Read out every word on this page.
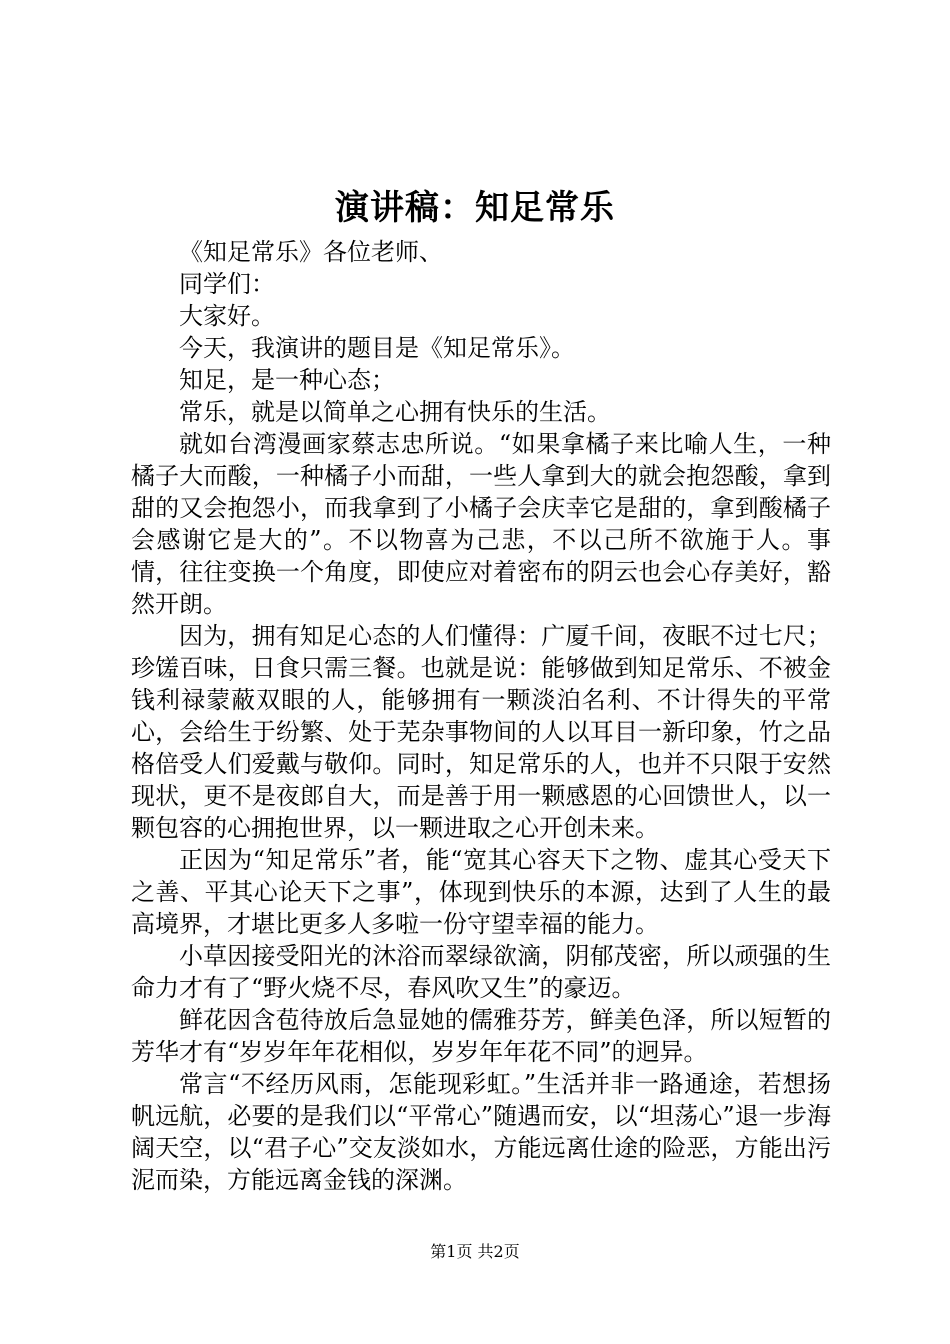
演讲稿：知足常乐

《知足常乐》各位老师、

同学们：

大家好。

今天，我演讲的题目是《知足常乐》。

知足，是一种心态；

常乐，就是以简单之心拥有快乐的生活。

就如台湾漫画家蔡志忠所说。“如果拿橘子来比喻人生，一种橘子大而酸，一种橘子小而甜，一些人拿到大的就会抱怨酸，拿到甜的又会抱怨小，而我拿到了小橘子会庆幸它是甜的，拿到酸橘子会感谢它是大的”。不以物喜为己悲，不以己所不欲施于人。事情，往往变换一个角度，即使应对着密布的阴云也会心存美好，豁然开朗。

因为，拥有知足心态的人们懂得：广厦千间，夜眠不过七尺；珍馐百味，日食只需三餐。也就是说：能够做到知足常乐、不被金钱利禄蒙蔽双眼的人，能够拥有一颗淡泊名利、不计得失的平常心，会给生于纷繁、处于芜杂事物间的人以耳目一新印象，竹之品格倍受人们爱戴与敬仰。同时，知足常乐的人，也并不只限于安然现状，更不是夜郎自大，而是善于用一颗感恩的心回馈世人，以一颗包容的心拥抱世界，以一颗进取之心开创未来。

正因为“知足常乐”者，能“宽其心容天下之物、虚其心受天下之善、平其心论天下之事”，体现到快乐的本源，达到了人生的最高境界，才堪比更多人多啦一份守望幸福的能力。

小草因接受阳光的沐浴而翠绿欲滴，阴郁茂密，所以顽强的生命力才有了“野火烧不尽，春风吹又生”的豪迈。

鲜花因含苞待放后急显她的儒雅芬芳，鲜美色泽，所以短暂的芳华才有“岁岁年年花相似，岁岁年年花不同”的迥异。

常言“不经历风雨，怎能现彩虹。”生活并非一路通途，若想扬帆远航，必要的是我们以“平常心”随遇而安，以“坦荡心”退一步海阔天空，以“君子心”交友淡如水，方能远离仕途的险恶，方能出污泥而染，方能远离金钱的深渊。

第1页 共2页
